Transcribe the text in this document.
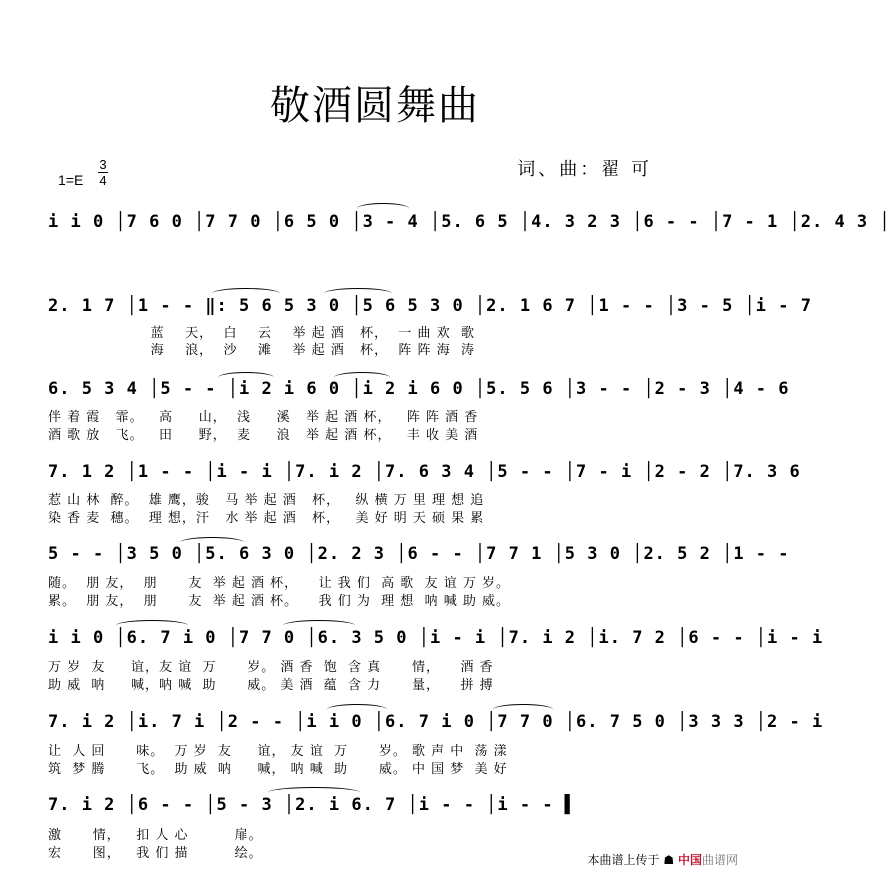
敬酒圆舞曲
1=E
3
4
词、曲：翟 可
i i 0 │7 6 0 │7 7 0 │6 5 0 │3 - 4 │5. 6 5 │4. 3 2 3 │6 - - │7 - 1 │2. 4 3 │
2. 1 7 │1 - - ‖: 5 6 5 3 0 │5 6 5 3 0 │2. 1 6 7 │1 - - │3 - 5 │i - 7
蓝    天，  白    云    举 起 酒   杯，  一 曲 欢  歌
海    浪，  沙    滩    举 起 酒   杯，  阵 阵 海  涛
6. 5 3 4 │5 - - │i 2 i 6 0 │i 2 i 6 0 │5. 5 6 │3 - - │2 - 3 │4 - 6
伴 着 霞   霏。   高     山，  浅     溪   举 起 酒 杯，   阵 阵 酒 香
酒 歌 放   飞。   田     野，  麦     浪   举 起 酒 杯，   丰 收 美 酒
7. 1 2 │1 - - │i - i │7. i 2 │7. 6 3 4 │5 - - │7 - i │2 - 2 │7. 3 6
惹 山 林  醉。  雄 鹰，骏   马 举 起 酒   杯，   纵 横 万 里 理 想 追
染 香 麦  穗。  理 想，汗   水 举 起 酒   杯，   美 好 明 天 硕 果 累
5 - - │3 5 0 │5. 6 3 0 │2. 2 3 │6 - - │7 7 1 │5 3 0 │2. 5 2 │1 - -
随。  朋 友，  朋      友  举 起 酒 杯，    让 我 们  高 歌  友 谊 万 岁。
累。  朋 友，  朋      友  举 起 酒 杯。    我 们 为  理 想  呐 喊 助 威。
i i 0 │6. 7 i 0 │7 7 0 │6. 3 5 0 │i - i │7. i 2 │i. 7 2 │6 - - │i - i
万 岁  友     谊，友 谊  万      岁。 酒 香  饱  含 真      情，    酒 香
助 威  呐     喊，呐 喊  助      威。 美 酒  蕴  含 力      量，    拼 搏
7. i 2 │i. 7 i │2 - - │i i 0 │6. 7 i 0 │7 7 0 │6. 7 5 0 │3 3 3 │2 - i
让  人 回      味。  万 岁  友     谊， 友 谊  万      岁。 歌 声 中  荡 漾
筑  梦 腾      飞。  助 威  呐     喊， 呐 喊  助      威。 中 国 梦  美 好
7. i 2 │6 - - │5 - 3 │2. i 6. 7 │i - - │i - - ▌
激      情，   扣 人 心         扉。
宏      图，   我 们 描         绘。	本曲谱上传于 ☗ 中国曲谱网
